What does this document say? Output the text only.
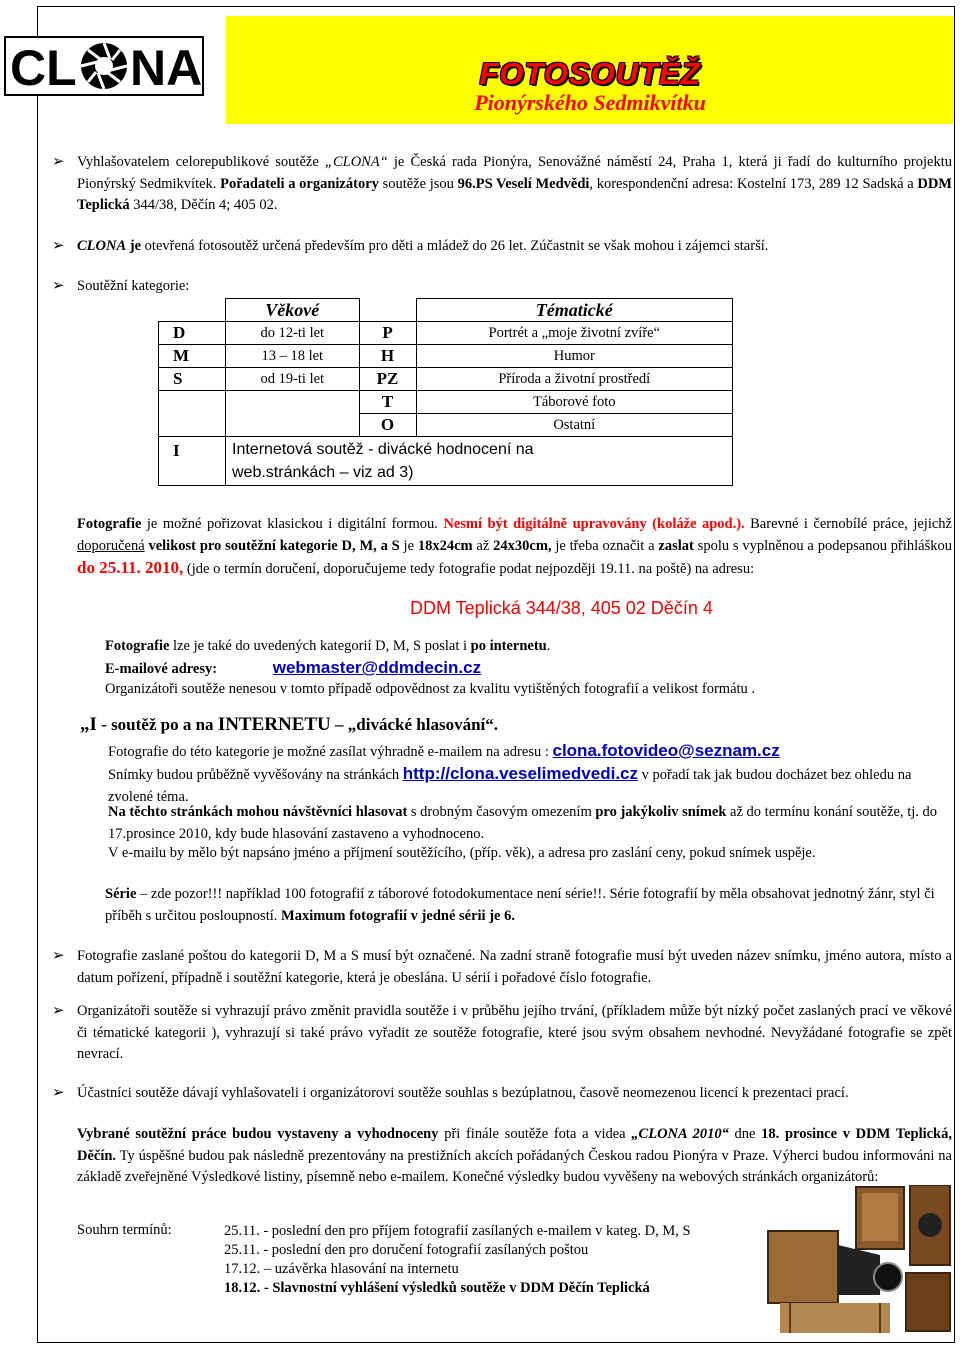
CL NA	FOTOSOUTĚŽ
Pionýrského Sedmikvítku
➢ Vyhlašovatelem celorepublikové soutěže „CLONA“ je Česká rada Pionýra, Senovážné náměstí 24, Praha 1, která ji řadí do kulturního projektu Pionýrský Sedmikvítek. Pořadateli a organizátory soutěže jsou 96.PS Veselí Medvědi, korespondenční adresa: Kostelní 173, 289 12 Sadská a DDM Teplická 344/38, Děčín 4; 405 02.
➢ CLONA je otevřená fotosoutěž určená především pro děti a mládež do 26 let. Zúčastnit se však mohou i zájemci starší.
➢ Soutěžní kategorie:
	Věkové		Tématické
D	do 12-ti let	P	Portrét a „moje životní zvíře“
M	13 – 18 let	H	Humor
S	od 19-ti let	PZ	Příroda a životní prostředí
		T	Táborové foto
		O	Ostatní
I	Internetová soutěž - divácké hodnocení na web.stránkách – viz ad 3)		
Fotografie je možné pořizovat klasickou i digitální formou. Nesmí být digitálně upravovány (koláže apod.). Barevné i černobílé práce, jejichž doporučená velikost pro soutěžní kategorie D, M, a S je 18x24cm až 24x30cm, je třeba označit a zaslat spolu s vyplněnou a podepsanou přihláškou do 25.11. 2010, (jde o termín doručení, doporučujeme tedy fotografie podat nejpozději 19.11. na poště) na adresu:
DDM Teplická 344/38, 405 02 Děčín 4
Fotografie lze je také do uvedených kategorií D, M, S poslat i po internetu.
E-mailové adresy:	webmaster@ddmdecin.cz
Organizátoři soutěže nenesou v tomto případě odpovědnost za kvalitu vytištěných fotografií a velikost formátu .
„I - soutěž po a na INTERNETU – „divácké hlasování“.
Fotografie do této kategorie je možné zasílat výhradně e-mailem na adresu : clona.fotovideo@seznam.cz
Snímky budou průběžně vyvěšovány na stránkách http://clona.veselimedvedi.cz v pořadí tak jak budou docházet bez ohledu na zvolené téma.
Na těchto stránkách mohou návštěvníci hlasovat s drobným časovým omezením pro jakýkoliv snímek až do termínu konání soutěže, tj. do 17.prosince 2010, kdy bude hlasování zastaveno a vyhodnoceno.
V e-mailu by mělo být napsáno jméno a příjmení soutěžícího, (příp. věk), a adresa pro zaslání ceny, pokud snímek uspěje.
Série – zde pozor!!! například 100 fotografií z táborové fotodokumentace není série!!. Série fotografií by měla obsahovat jednotný žánr, styl či příběh s určitou posloupností. Maximum fotografií v jedné sérii je 6.
➢ Fotografie zaslané poštou do kategorii D, M a S musí být označené. Na zadní straně fotografie musí být uveden název snímku, jméno autora, místo a datum pořízení, případně i soutěžní kategorie, která je obeslána. U sérií i pořadové číslo fotografie.
➢ Organizátoři soutěže si vyhrazují právo změnit pravidla soutěže i v průběhu jejího trvání, (příkladem může být nízký počet zaslaných prací ve věkové či tématické kategorii ), vyhrazují si také právo vyřadit ze soutěže fotografie, které jsou svým obsahem nevhodné. Nevyžádané fotografie se zpět nevrací.
➢ Účastníci soutěže dávají vyhlašovateli i organizátorovi soutěže souhlas s bezúplatnou, časově neomezenou licencí k prezentaci prací.
Vybrané soutěžní práce budou vystaveny a vyhodnoceny při finále soutěže fota a videa „CLONA 2010“ dne 18. prosince v DDM Teplická, Děčín. Ty úspěšné budou pak následně prezentovány na prestižních akcích pořádaných Českou radou Pionýra v Praze. Výherci budou informováni na základě zveřejněné Výsledkové listiny, písemně nebo e-mailem. Konečné výsledky budou vyvěšeny na webových stránkách organizátorů:
Souhrn termínů:	25.11. - poslední den pro příjem fotografií zasílaných e-mailem v kateg. D, M, S
25.11. - poslední den pro doručení fotografií zasílaných poštou
17.12. – uzávěrka hlasování na internetu
18.12. - Slavnostní vyhlášení výsledků soutěže v DDM Děčín Teplická
